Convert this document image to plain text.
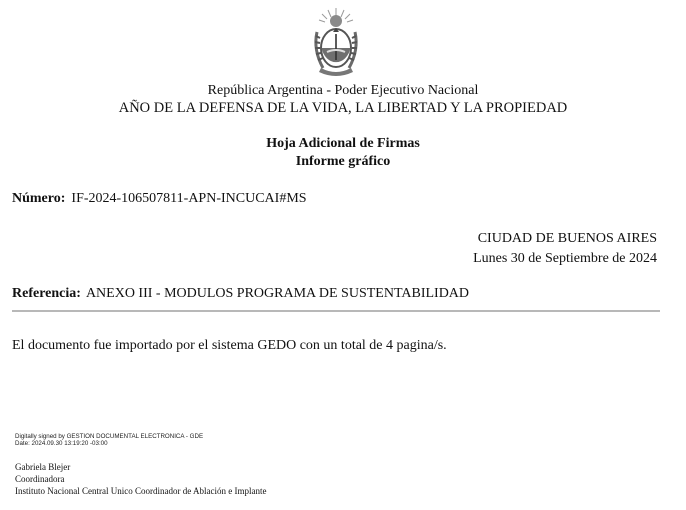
República Argentina - Poder Ejecutivo Nacional
AÑO DE LA DEFENSA DE LA VIDA, LA LIBERTAD Y LA PROPIEDAD
Hoja Adicional de Firmas
Informe gráfico
Número: IF-2024-106507811-APN-INCUCAI#MS
CIUDAD DE BUENOS AIRES
Lunes 30 de Septiembre de 2024
Referencia: ANEXO III - MODULOS PROGRAMA DE SUSTENTABILIDAD
El documento fue importado por el sistema GEDO con un total de 4 pagina/s.
Digitally signed by GESTION DOCUMENTAL ELECTRONICA - GDE
Date: 2024.09.30 13:19:20 -03:00
Gabriela Blejer
Coordinadora
Instituto Nacional Central Unico Coordinador de Ablación e Implante
